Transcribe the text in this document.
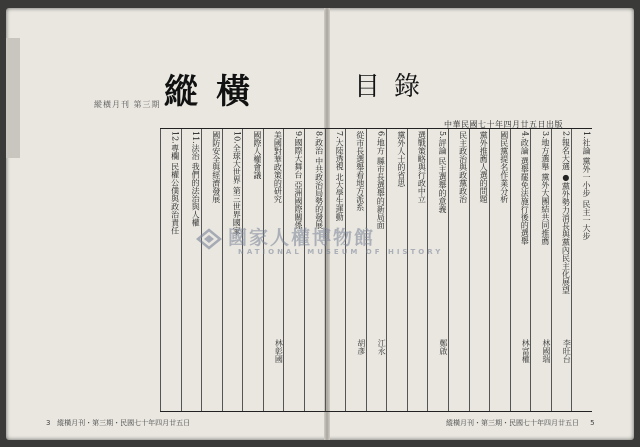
縱橫月刊 第三期 縱橫	目錄
中華民國七十年四月廿五日出版
1.社論 黨外一小步 民主一大步
2.報名大選 ●黨外勢力消長與黨內民主化展望
李旺台
3.地方選舉 黨外大團結共同推薦
林國瑞
4.政論 選舉罷免法施行後的選舉
林富權
國民黨提名作業分析
黨外推薦人選的問題
民主政治與政黨政治
5.評論 民主選舉的意義
鄭啟
選戰策略與行政中立
黨外人士的省思
6.地方 縣市長選舉的新局面
江永
從市長選舉看地方派系
胡彥
7.大陸透視 北大學生運動
8.政治 中共政治局勢的發展
9.國際大舞台 亞洲國際關係
美國對華政策的研究
林彰國
國際人權會議
10.全球大世界 第三世界國家
國防安全與經濟發展
11.法治 我們的法治與人權
12.專欄 民權公僕與政治責任
國家人權博物館
NATIONAL MUSEUM OF HISTORY
3 縱橫月刊・第三期・民國七十年四月廿五日	縱橫月刊・第三期・民國七十年四月廿五日 5
